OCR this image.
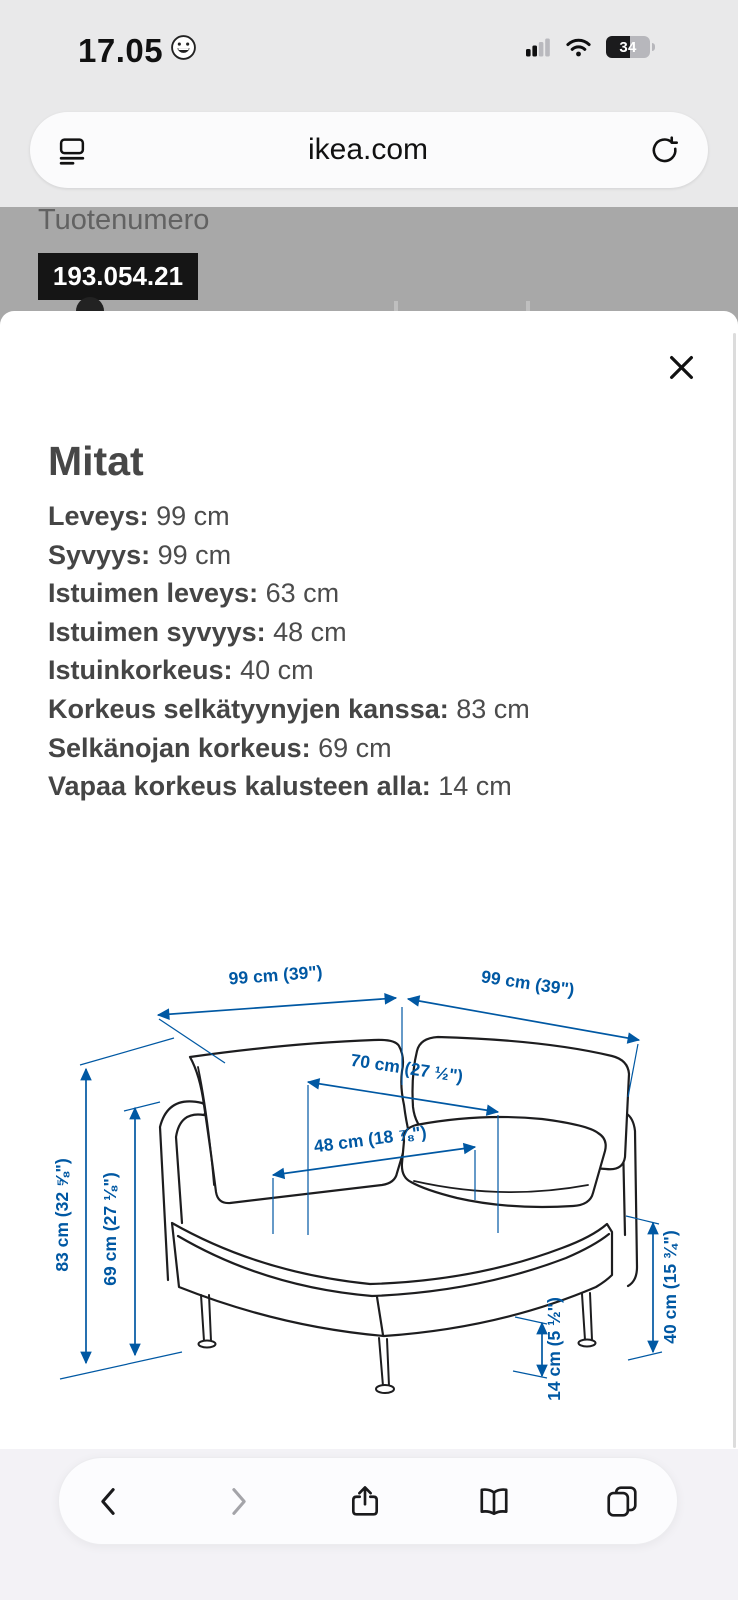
17.05	34
ikea.com
Tuotenumero
193.054.21
Mitat
Leveys: 99 cm
Syvyys: 99 cm
Istuimen leveys: 63 cm
Istuimen syvyys: 48 cm
Istuinkorkeus: 40 cm
Korkeus selkätyynyjen kanssa: 83 cm
Selkänojan korkeus: 69 cm
Vapaa korkeus kalusteen alla: 14 cm
99 cm (39")	99 cm (39")
70 cm (27 ½")
48 cm (18 ⅞")
83 cm (32 ⅝") 69 cm (27 ⅛")
40 cm (15 ¾")
14 cm (5 ½")
